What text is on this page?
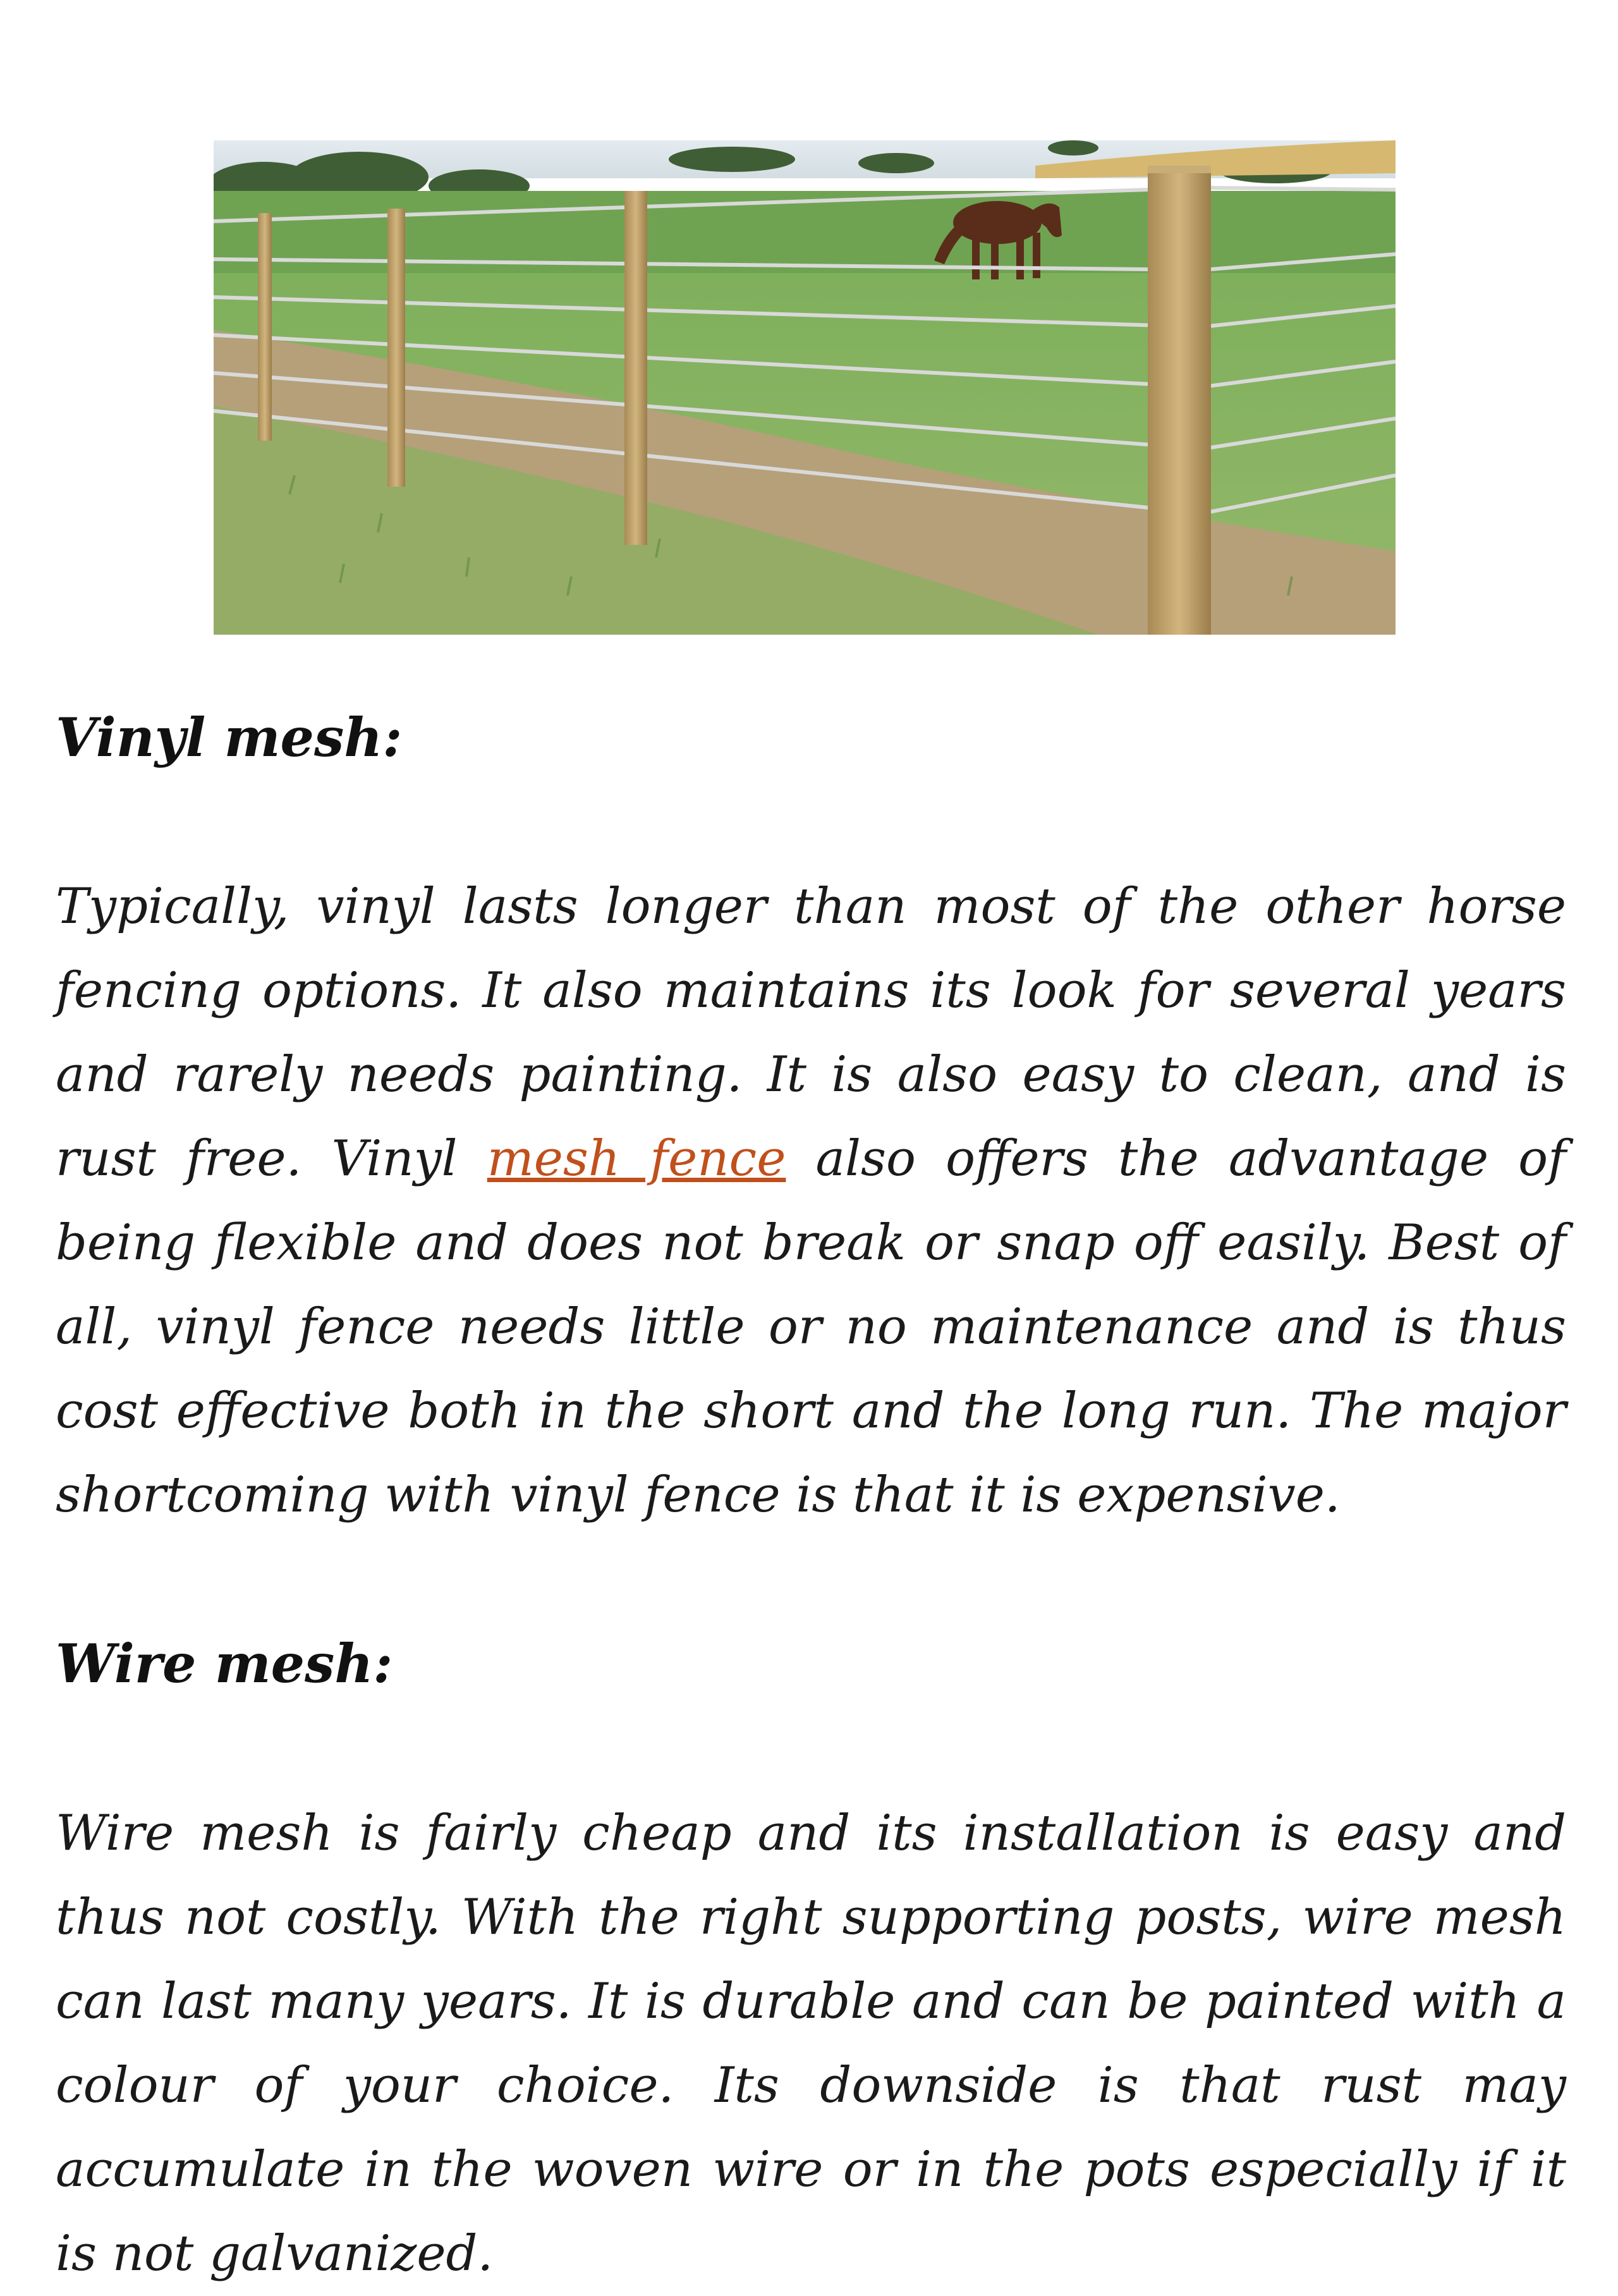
Vinyl mesh:

Typically, vinyl lasts longer than most of the other horse fencing options. It also maintains its look for several years and rarely needs painting. It is also easy to clean, and is rust free. Vinyl mesh fence also offers the advantage of being flexible and does not break or snap off easily. Best of all, vinyl fence needs little or no maintenance and is thus cost effective both in the short and the long run. The major shortcoming with vinyl fence is that it is expensive.

Wire mesh:

Wire mesh is fairly cheap and its installation is easy and thus not costly. With the right supporting posts, wire mesh can last many years. It is durable and can be painted with a colour of your choice. Its downside is that rust may accumulate in the woven wire or in the pots especially if it is not galvanized.
